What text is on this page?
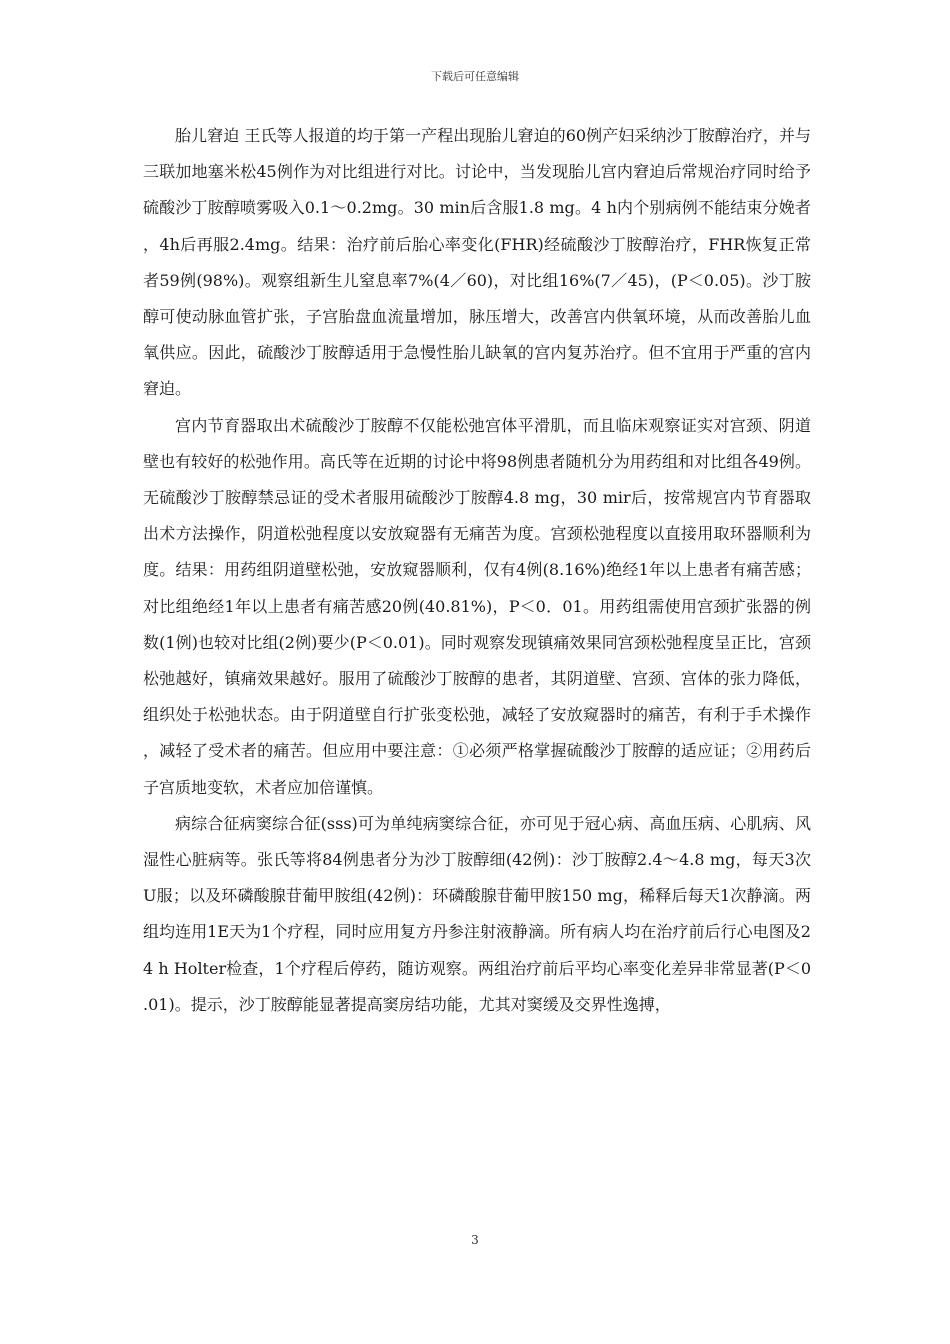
下载后可任意编辑

胎儿窘迫 王氏等人报道的均于第一产程出现胎儿窘迫的60例产妇采纳沙丁胺醇治疗，并与三联加地塞米松45例作为对比组进行对比。讨论中，当发现胎儿宫内窘迫后常规治疗同时给予硫酸沙丁胺醇喷雾吸入0.1～0.2mg。30 min后含服1.8 mg。4 h内个别病例不能结束分娩者，4h后再服2.4mg。结果：治疗前后胎心率变化(FHR)经硫酸沙丁胺醇治疗，FHR恢复正常者59例(98%)。观察组新生儿窒息率7%(4／60)，对比组16%(7／45)，(P＜0.05)。沙丁胺醇可使动脉血管扩张，子宫胎盘血流量增加，脉压增大，改善宫内供氧环境，从而改善胎儿血氧供应。因此，硫酸沙丁胺醇适用于急慢性胎儿缺氧的宫内复苏治疗。但不宜用于严重的宫内窘迫。

宫内节育器取出术硫酸沙丁胺醇不仅能松弛宫体平滑肌，而且临床观察证实对宫颈、阴道壁也有较好的松弛作用。高氏等在近期的讨论中将98例患者随机分为用药组和对比组各49例。无硫酸沙丁胺醇禁忌证的受术者服用硫酸沙丁胺醇4.8 mg，30 mir后，按常规宫内节育器取出术方法操作，阴道松弛程度以安放窥器有无痛苦为度。宫颈松弛程度以直接用取环器顺利为度。结果：用药组阴道壁松弛，安放窥器顺利，仅有4例(8.16%)绝经1年以上患者有痛苦感；对比组绝经1年以上患者有痛苦感20例(40.81%)，P＜0．01。用药组需使用宫颈扩张器的例数(1例)也较对比组(2例)要少(P＜0.01)。同时观察发现镇痛效果同宫颈松弛程度呈正比，宫颈松弛越好，镇痛效果越好。服用了硫酸沙丁胺醇的患者，其阴道壁、宫颈、宫体的张力降低，组织处于松弛状态。由于阴道壁自行扩张变松弛，减轻了安放窥器时的痛苦，有利于手术操作，减轻了受术者的痛苦。但应用中要注意：①必须严格掌握硫酸沙丁胺醇的适应证；②用药后子宫质地变软，术者应加倍谨慎。

病综合征病窦综合征(sss)可为单纯病窦综合征，亦可见于冠心病、高血压病、心肌病、风湿性心脏病等。张氏等将84例患者分为沙丁胺醇细(42例)：沙丁胺醇2.4～4.8 mg，每天3次U服；以及环磷酸腺苷葡甲胺组(42例)：环磷酸腺苷葡甲胺150 mg，稀释后每天1次静滴。两组均连用1E天为1个疗程，同时应用复方丹参注射液静滴。所有病人均在治疗前后行心电图及24 h Holter检查，1个疗程后停药，随访观察。两组治疗前后平均心率变化差异非常显著(P＜0.01)。提示，沙丁胺醇能显著提高窦房结功能，尤其对窦缓及交界性逸搏，

3
